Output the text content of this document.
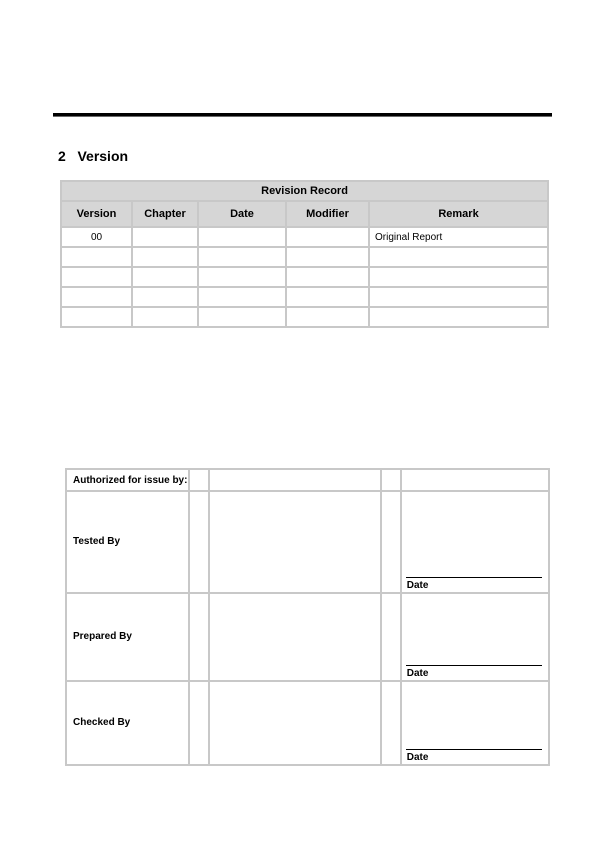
2 Version
Revision Record				
Version	Chapter	Date	Modifier	Remark
00				Original Report

Authorized for issue by:				
Tested By				Date

Prepared By				Date

Checked By				Date
